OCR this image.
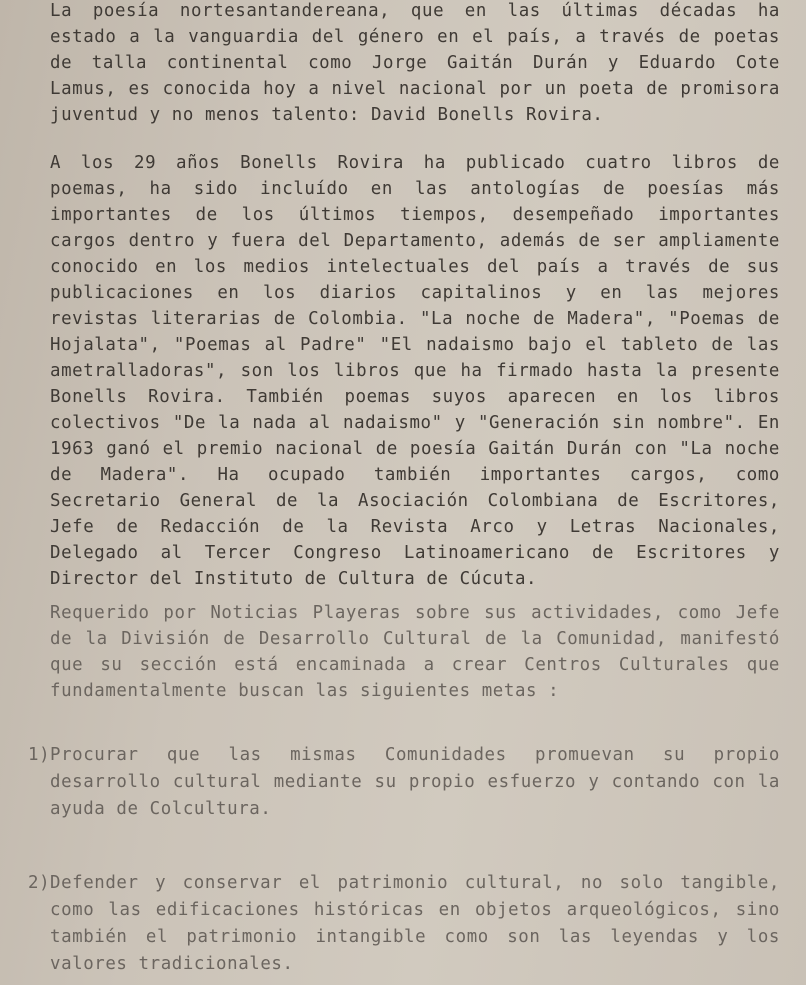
La poesía nortesantandereana, que en las últimas décadas ha estado a la vanguardia del género en el país, a través de poetas de talla continental como Jorge Gaitán Durán y Eduardo Cote Lamus, es conocida hoy a nivel nacional por un poeta de promisora juventud y no menos talento: David Bonells Rovira.

A los 29 años Bonells Rovira ha publicado cuatro libros de poemas, ha sido incluído en las antologías de poesías más importantes de los últimos tiempos, desempeñado importantes cargos dentro y fuera del Departamento, además de ser ampliamente conocido en los medios intelectuales del país a través de sus publicaciones en los diarios capitalinos y en las mejores revistas literarias de Colombia. "La noche de Madera", "Poemas de Hojalata", "Poemas al Padre" "El nadaismo bajo el tableto de las ametralladoras", son los libros que ha firmado hasta la presente Bonells Rovira. También poemas suyos aparecen en los libros colectivos "De la nada al nadaismo" y "Generación sin nombre". En 1963 ganó el premio nacional de poesía Gaitán Durán con "La noche de Madera". Ha ocupado también importantes cargos, como Secretario General de la Asociación Colombiana de Escritores, Jefe de Redacción de la Revista Arco y Letras Nacionales, Delegado al Tercer Congreso Latinoamericano de Escritores y Director del Instituto de Cultura de Cúcuta.

Requerido por Noticias Playeras sobre sus actividades, como Jefe de la División de Desarrollo Cultural de la Comunidad, manifestó que su sección está encaminada a crear Centros Culturales que fundamentalmente buscan las siguientes metas :

1) Procurar que las mismas Comunidades promuevan su propio desarrollo cultural mediante su propio esfuerzo y contando con la ayuda de Colcultura.
2) Defender y conservar el patrimonio cultural, no solo tangible, como las edificaciones históricas en objetos arqueológicos, sino también el patrimonio intangible como son las leyendas y los valores tradicionales.
